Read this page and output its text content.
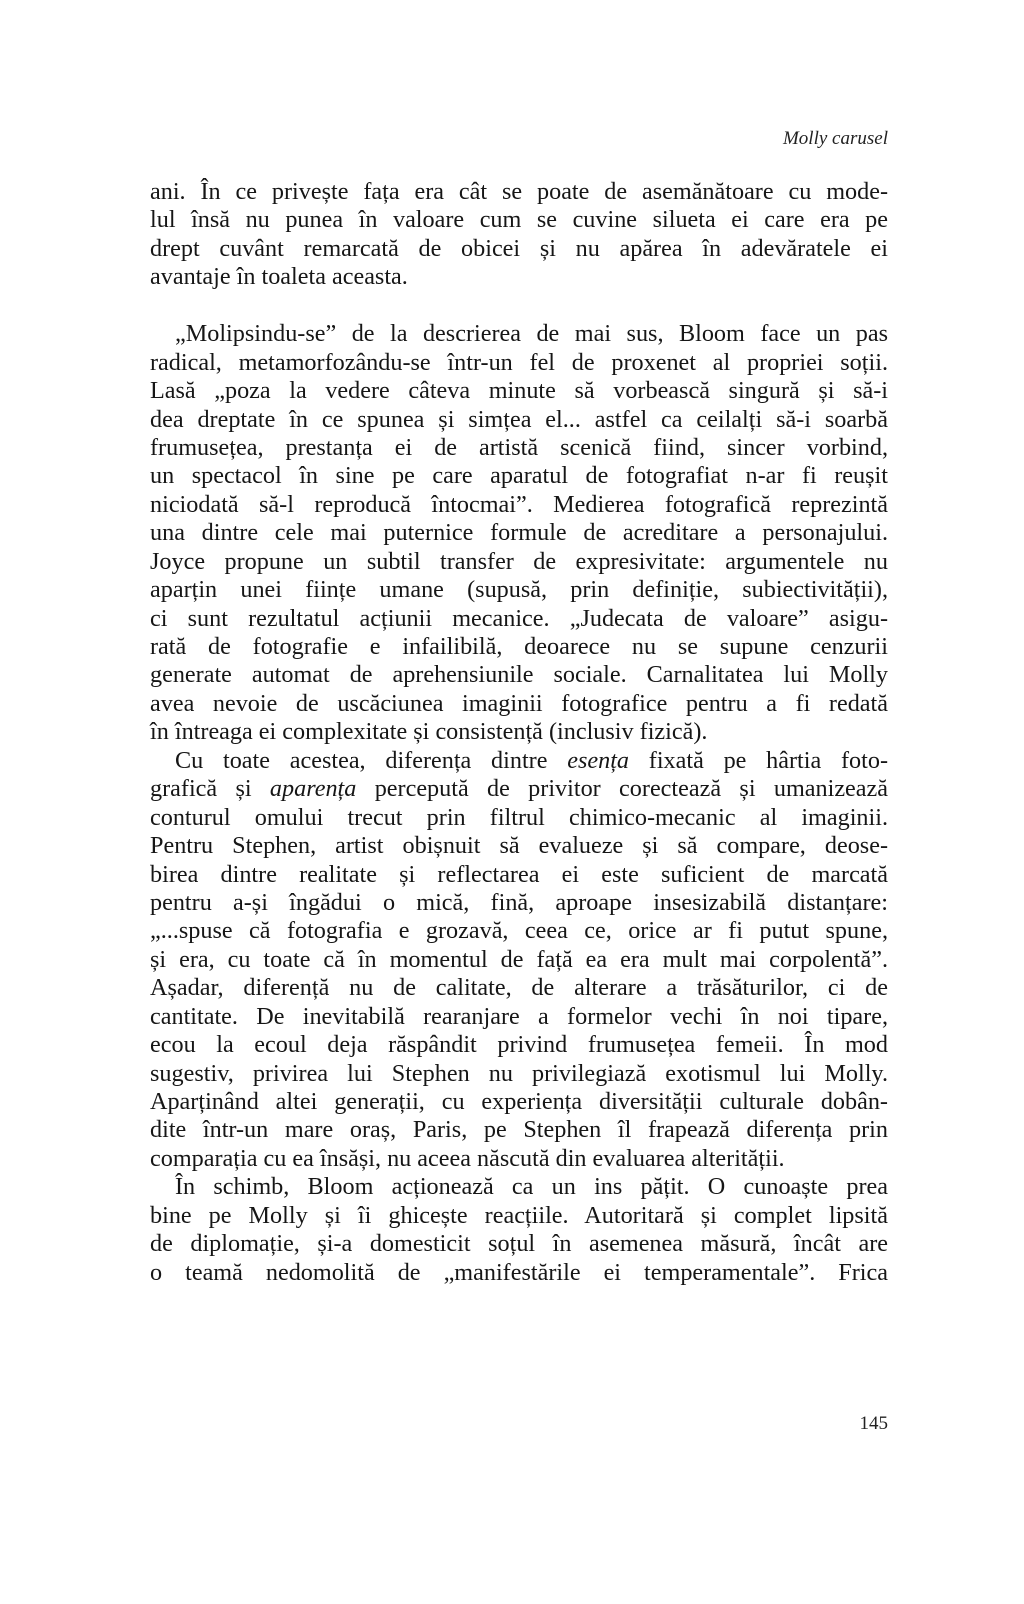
Molly carusel
ani. În ce privește fața era cât se poate de asemănătoare cu mode-
lul însă nu punea în valoare cum se cuvine silueta ei care era pe
drept cuvânt remarcată de obicei și nu apărea în adevăratele ei
avantaje în toaleta aceasta.
„Molipsindu-se” de la descrierea de mai sus, Bloom face un pas
radical, metamorfozându-se într-un fel de proxenet al propriei soții.
Lasă „poza la vedere câteva minute să vorbească singură și să-i
dea dreptate în ce spunea și simțea el... astfel ca ceilalți să-i soarbă
frumusețea, prestanța ei de artistă scenică fiind, sincer vorbind,
un spectacol în sine pe care aparatul de fotografiat n-ar fi reușit
niciodată să-l reproducă întocmai”. Medierea fotografică reprezintă
una dintre cele mai puternice formule de acreditare a personajului.
Joyce propune un subtil transfer de expresivitate: argumentele nu
aparțin unei ființe umane (supusă, prin definiție, subiectivității),
ci sunt rezultatul acțiunii mecanice. „Judecata de valoare” asigu-
rată de fotografie e infailibilă, deoarece nu se supune cenzurii
generate automat de aprehensiunile sociale. Carnalitatea lui Molly
avea nevoie de uscăciunea imaginii fotografice pentru a fi redată
în întreaga ei complexitate și consistență (inclusiv fizică).
Cu toate acestea, diferența dintre esența fixată pe hârtia foto-
grafică și aparența percepută de privitor corectează și umanizează
conturul omului trecut prin filtrul chimico-mecanic al imaginii.
Pentru Stephen, artist obișnuit să evalueze și să compare, deose-
birea dintre realitate și reflectarea ei este suficient de marcată
pentru a-și îngădui o mică, fină, aproape insesizabilă distanțare:
„...spuse că fotografia e grozavă, ceea ce, orice ar fi putut spune,
și era, cu toate că în momentul de față ea era mult mai corpolentă”.
Așadar, diferență nu de calitate, de alterare a trăsăturilor, ci de
cantitate. De inevitabilă rearanjare a formelor vechi în noi tipare,
ecou la ecoul deja răspândit privind frumusețea femeii. În mod
sugestiv, privirea lui Stephen nu privilegiază exotismul lui Molly.
Aparținând altei generații, cu experiența diversității culturale dobân-
dite într-un mare oraș, Paris, pe Stephen îl frapează diferența prin
comparația cu ea însăși, nu aceea născută din evaluarea alterității.
În schimb, Bloom acționează ca un ins pățit. O cunoaște prea
bine pe Molly și îi ghicește reacțiile. Autoritară și complet lipsită
de diplomație, și-a domesticit soțul în asemenea măsură, încât are
o teamă nedomolită de „manifestările ei temperamentale”. Frica
145
